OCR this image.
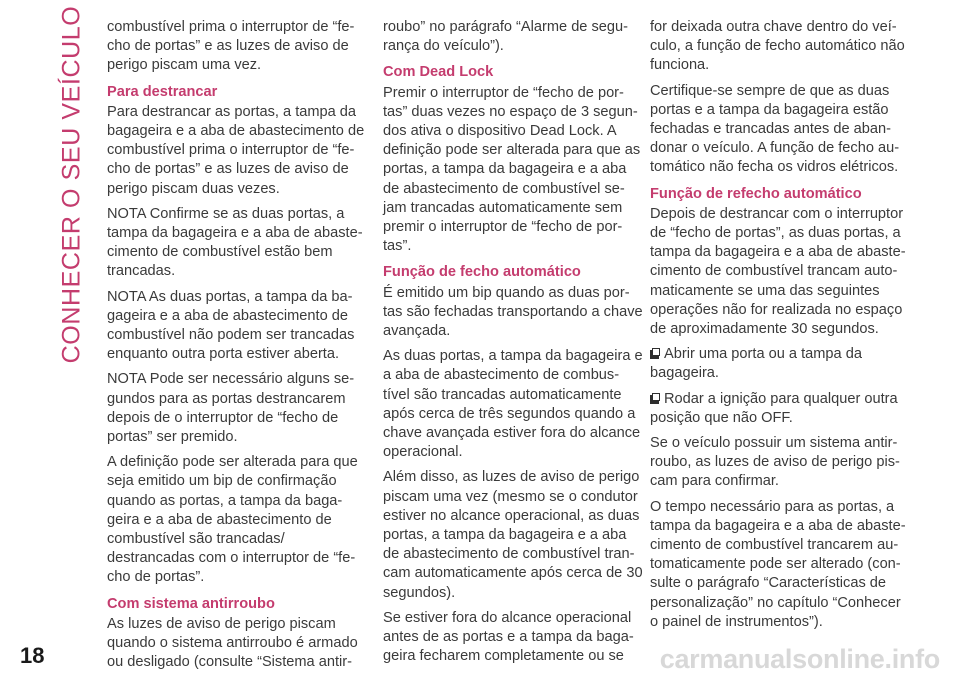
CONHECER O SEU VEÍCULO combustível prima o interruptor de “fe-cho de portas” e as luzes de aviso de perigo piscam uma vez.

Para destrancar

Para destrancar as portas, a tampa da bagageira e a aba de abastecimento de combustível prima o interruptor de “fe-cho de portas” e as luzes de aviso de perigo piscam duas vezes.

NOTA Confirme se as duas portas, a tampa da bagageira e a aba de abaste-cimento de combustível estão bem trancadas.

NOTA As duas portas, a tampa da ba-gageira e a aba de abastecimento de combustível não podem ser trancadas enquanto outra porta estiver aberta.

NOTA Pode ser necessário alguns se-gundos para as portas destrancarem depois de o interruptor de “fecho de portas” ser premido.

A definição pode ser alterada para que seja emitido um bip de confirmação quando as portas, a tampa da baga-geira e a aba de abastecimento de combustível são trancadas/ destrancadas com o interruptor de “fe-cho de portas”.

Com sistema antirroubo

As luzes de aviso de perigo piscam quando o sistema antirroubo é armado ou desligado (consulte “Sistema antir-

roubo” no parágrafo “Alarme de segu-rança do veículo”).

Com Dead Lock

Premir o interruptor de “fecho de por-tas” duas vezes no espaço de 3 segun-dos ativa o dispositivo Dead Lock. A definição pode ser alterada para que as portas, a tampa da bagageira e a aba de abastecimento de combustível se-jam trancadas automaticamente sem premir o interruptor de “fecho de por-tas”.

Função de fecho automático

É emitido um bip quando as duas por-tas são fechadas transportando a chave avançada.

As duas portas, a tampa da bagageira e a aba de abastecimento de combus-tível são trancadas automaticamente após cerca de três segundos quando a chave avançada estiver fora do alcance operacional.

Além disso, as luzes de aviso de perigo piscam uma vez (mesmo se o condutor estiver no alcance operacional, as duas portas, a tampa da bagageira e a aba de abastecimento de combustível tran-cam automaticamente após cerca de 30 segundos).

Se estiver fora do alcance operacional antes de as portas e a tampa da baga-geira fecharem completamente ou se

for deixada outra chave dentro do veí-culo, a função de fecho automático não funciona.

Certifique-se sempre de que as duas portas e a tampa da bagageira estão fechadas e trancadas antes de aban-donar o veículo. A função de fecho au-tomático não fecha os vidros elétricos.

Função de refecho automático

Depois de destrancar com o interruptor de “fecho de portas”, as duas portas, a tampa da bagageira e a aba de abaste-cimento de combustível trancam auto-maticamente se uma das seguintes operações não for realizada no espaço de aproximadamente 30 segundos.

Abrir uma porta ou a tampa da bagageira.

Rodar a ignição para qualquer outra posição que não OFF.

Se o veículo possuir um sistema antir-roubo, as luzes de aviso de perigo pis-cam para confirmar.

O tempo necessário para as portas, a tampa da bagageira e a aba de abaste-cimento de combustível trancarem au-tomaticamente pode ser alterado (con-sulte o parágrafo “Características de personalização” no capítulo “Conhecer o painel de instrumentos”).

18	carmanualsonline.info
